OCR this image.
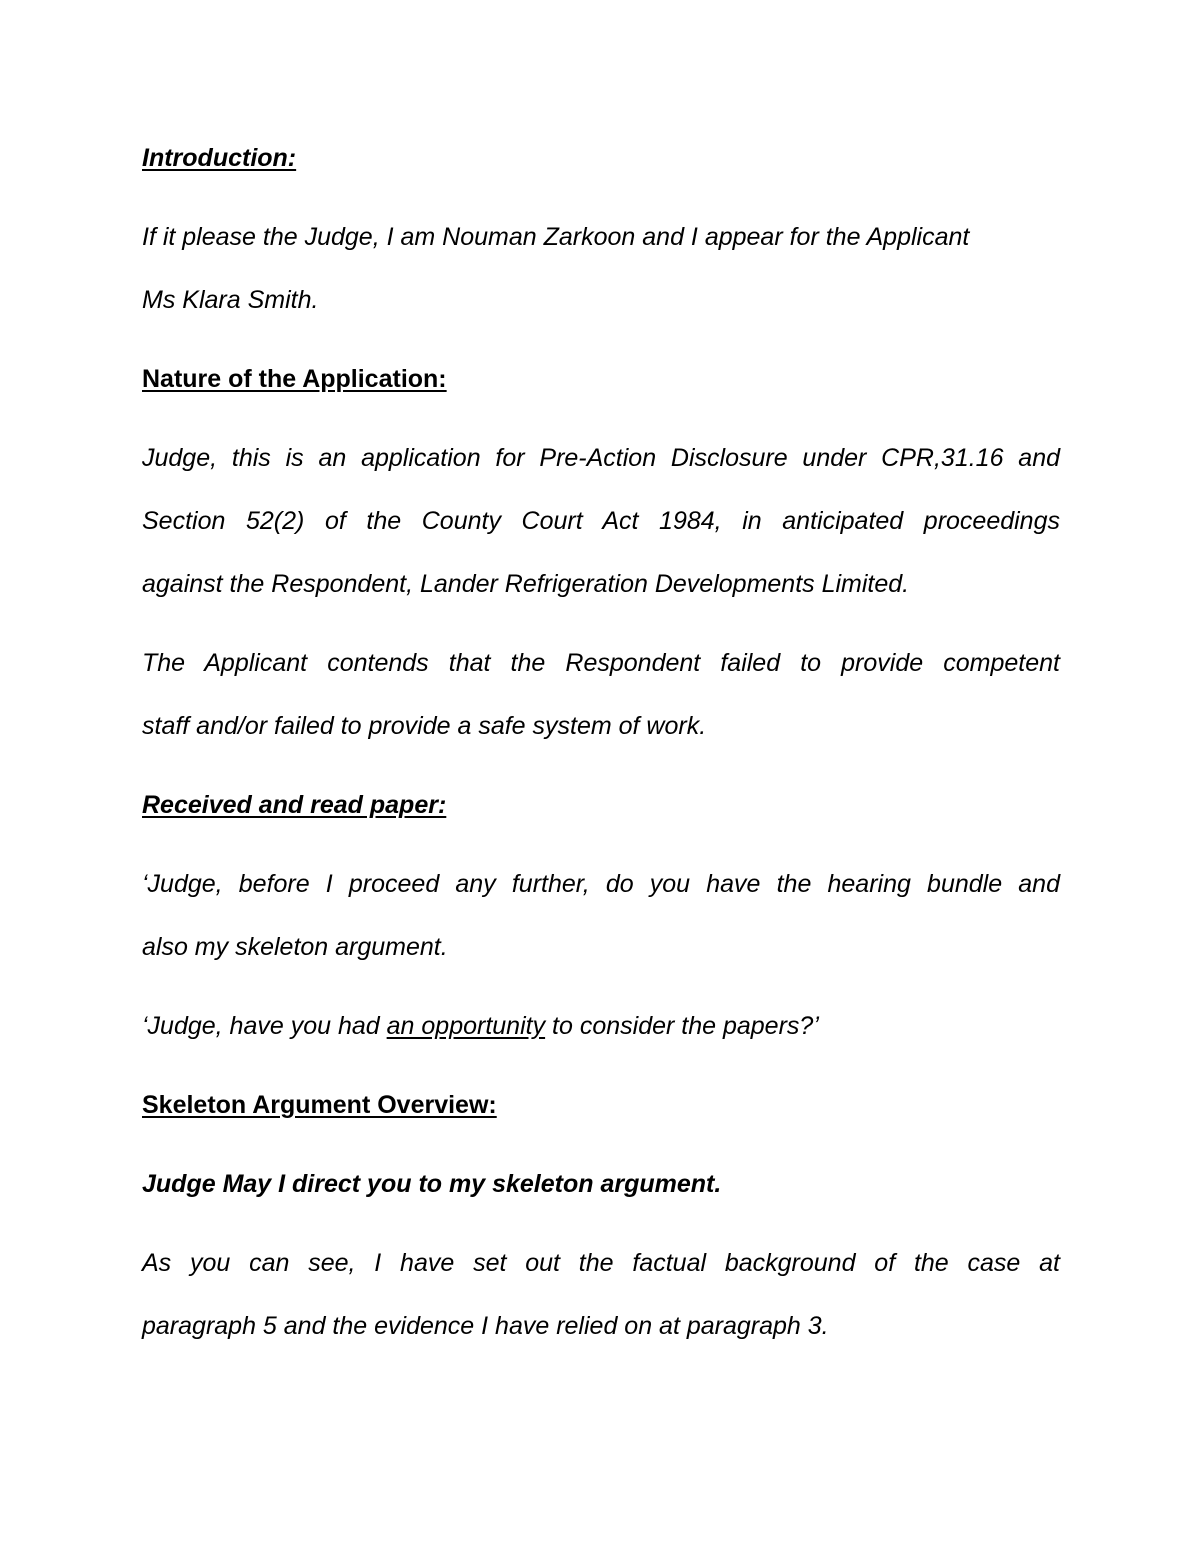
Introduction:

If it please the Judge, I am Nouman Zarkoon and I appear for the Applicant

Ms Klara Smith.

Nature of the Application:

Judge, this is an application for Pre-Action Disclosure under CPR,31.16 and

Section 52(2) of the County Court Act 1984, in anticipated proceedings

against the Respondent, Lander Refrigeration Developments Limited.

The Applicant contends that the Respondent failed to provide competent

staff and/or failed to provide a safe system of work.

Received and read paper:

‘Judge, before I proceed any further, do you have the hearing bundle and

also my skeleton argument.

‘Judge, have you had an opportunity to consider the papers?’

Skeleton Argument Overview:

Judge May I direct you to my skeleton argument.

As you can see, I have set out the factual background of the case at

paragraph 5 and the evidence I have relied on at paragraph 3.
